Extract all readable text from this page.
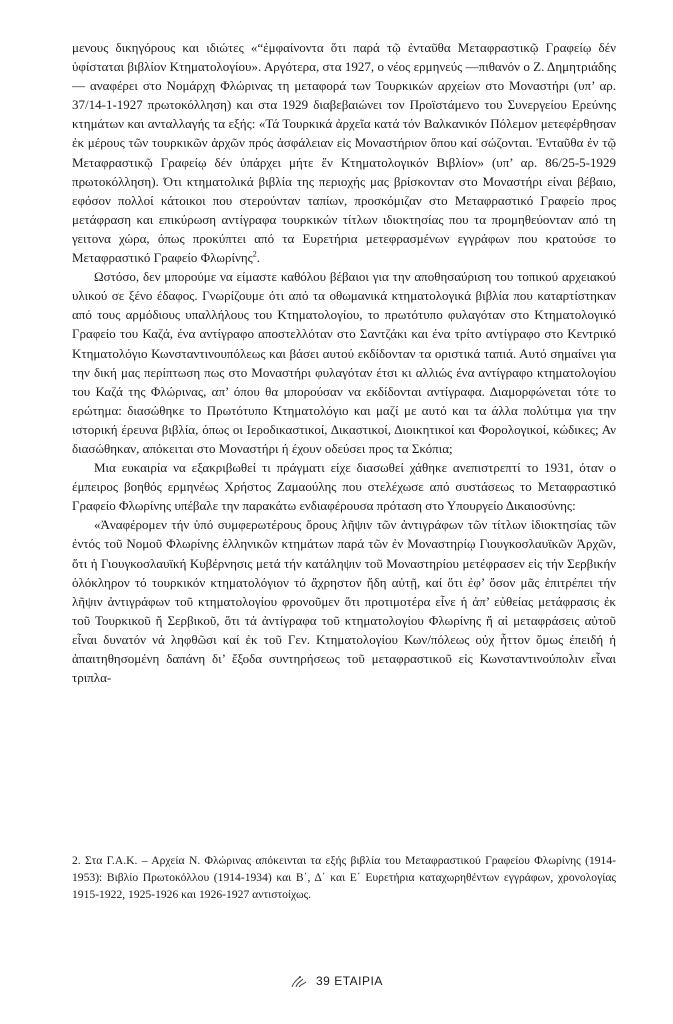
μενους δικηγόρους και ιδιώτες «“ἐμφαίνοντα ὅτι παρά τῷ ἐνταῦθα Μεταφραστικῷ Γραφείῳ δέν ὑφίσταται βιβλίον Κτηματολογίου». Αργότερα, στα 1927, ο νέος ερμηνεύς —πιθανόν ο Ζ. Δημητριάδης— αναφέρει στο Νομάρχη Φλώρινας τη μεταφορά των Τουρκικών αρχείων στο Μοναστήρι (υπ’ αρ. 37/14-1-1927 πρωτοκόλληση) και στα 1929 διαβεβαιώνει τον Προϊστάμενο του Συνεργείου Ερεύνης κτημάτων και ανταλλαγής τα εξής: «Τά Τουρκικά ἀρχεῖα κατά τόν Βαλκανικόν Πόλεμον μετεφέρθησαν ἐκ μέρους τῶν τουρκικῶν ἀρχῶν πρός ἀσφάλειαν εἰς Μοναστήριον ὅπου καί σώζονται. Ἐνταῦθα ἐν τῷ Μεταφραστικῷ Γραφείῳ δέν ὑπάρχει μήτε ἕν Κτηματολογικόν Βιβλίον» (υπ’ αρ. 86/25-5-1929 πρωτοκόλληση). Ότι κτηματολικά βιβλία της περιοχής μας βρίσκονταν στο Μοναστήρι είναι βέβαιο, εφόσον πολλοί κάτοικοι που στερούνταν ταπίων, προσκόμιζαν στο Μεταφραστικό Γραφείο προς μετάφραση και επικύρωση αντίγραφα τουρκικών τίτλων ιδιοκτησίας που τα προμηθεύονταν από τη γειτονα χώρα, όπως προκύπτει από τα Ευρετήρια μετεφρασμένων εγγράφων που κρατούσε το Μεταφραστικό Γραφείο Φλωρίνης$^2$.

Ωστόσο, δεν μπορούμε να είμαστε καθόλου βέβαιοι για την αποθησαύριση του τοπικού αρχειακού υλικού σε ξένο έδαφος. Γνωρίζουμε ότι από τα οθωμανικά κτηματολογικά βιβλία που καταρτίστηκαν από τους αρμόδιους υπαλλήλους του Κτηματολογίου, το πρωτότυπο φυλαγόταν στο Κτηματολογικό Γραφείο του Καζά, ένα αντίγραφο αποστελλόταν στο Σαντζάκι και ένα τρίτο αντίγραφο στο Κεντρικό Κτηματολόγιο Κωνσταντινουπόλεως και βάσει αυτού εκδίδονταν τα οριστικά ταπιά. Αυτό σημαίνει για την δική μας περίπτωση πως στο Μοναστήρι φυλαγόταν έτσι κι αλλιώς ένα αντίγραφο κτηματολογίου του Καζά της Φλώρινας, απ’ όπου θα μπορούσαν να εκδίδονται αντίγραφα. Διαμορφώνεται τότε το ερώτημα: διασώθηκε το Πρωτότυπο Κτηματολόγιο και μαζί με αυτό και τα άλλα πολύτιμα για την ιστορική έρευνα βιβλία, όπως οι Ιεροδικαστικοί, Δικαστικοί, Διοικητικοί και Φορολογικοί, κώδικες; Αν διασώθηκαν, απόκειται στο Μοναστήρι ή έχουν οδεύσει προς τα Σκόπια;

Μια ευκαιρία να εξακριβωθεί τι πράγματι είχε διασωθεί χάθηκε ανεπιστρεπτί το 1931, όταν ο έμπειρος βοηθός ερμηνέως Χρήστος Ζαμαούλης που στελέχωσε από συστάσεως το Μεταφραστικό Γραφείο Φλωρίνης υπέβαλε την παρακάτω ενδιαφέρουσα πρόταση στο Υπουργείο Δικαιοσύνης:

«Ἀναφέρομεν τήν ὑπό συμφερωτέρους ὅρους λῆψιν τῶν ἀντιγράφων τῶν τίτλων ἰδιοκτησίας τῶν ἐντός τοῦ Νομοῦ Φλωρίνης ἑλληνικῶν κτημάτων παρά τῶν ἐν Μοναστηρίῳ Γιουγκοσλαυϊκῶν Ἀρχῶν, ὅτι ἡ Γιουγκοσλαυϊκή Κυβέρνησις μετά τήν κατάληψιν τοῦ Μοναστηρίου μετέφρασεν εἰς τήν Σερβικήν ὁλόκληρον τό τουρκικόν κτηματολόγιον τό ἄχρηστον ἤδη αὐτῇ, καί ὅτι ἐφ’ ὅσον μᾶς ἐπιτρέπει τήν λῆψιν ἀντιγράφων τοῦ κτηματολογίου φρονοῦμεν ὅτι προτιμοτέρα εἶνε ἡ ἀπ’ εὐθείας μετάφρασις ἐκ τοῦ Τουρκικοῦ ἤ Σερβικοῦ, ὅτι τά ἀντίγραφα τοῦ κτηματολογίου Φλωρίνης ἤ αἱ μεταφράσεις αὐτοῦ εἶναι δυνατόν νά ληφθῶσι καί ἐκ τοῦ Γεν. Κτηματολογίου Κων/πόλεως οὐχ ἧττον ὅμως ἐπειδή ἡ ἀπαιτηθησομένη δαπάνη δι’ ἔξοδα συντηρήσεως τοῦ μεταφραστικοῦ εἰς Κωνσταντινούπολιν εἶναι τριπλα-

2. Στα Γ.Α.Κ. – Αρχεία Ν. Φλώρινας απόκεινται τα εξής βιβλία του Μεταφραστικού Γραφείου Φλωρίνης (1914-1953): Βιβλίο Πρωτοκόλλου (1914-1934) και Β΄, Δ΄ και Ε΄ Ευρετήρια καταχωρηθέντων εγγράφων, χρονολογίας 1915-1922, 1925-1926 και 1926-1927 αντιστοίχως.
39 ΕΤΑΙΡΙΑ
